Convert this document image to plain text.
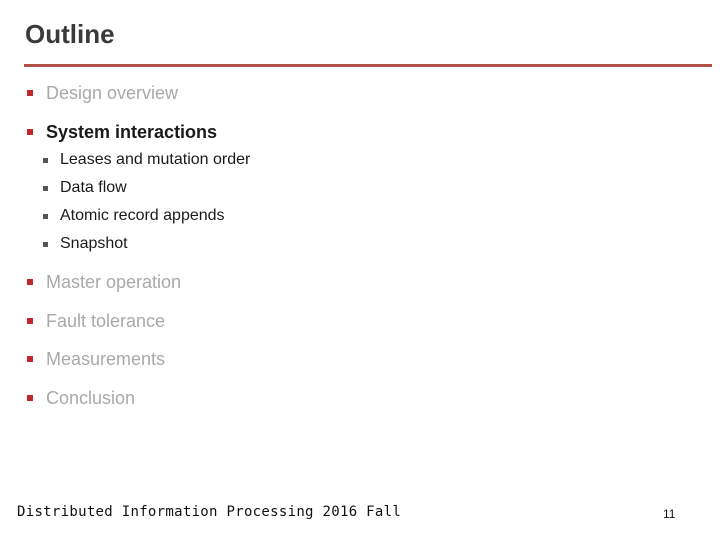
Outline
Design overview
System interactions
Leases and mutation order
Data flow
Atomic record appends
Snapshot
Master operation
Fault tolerance
Measurements
Conclusion
Distributed Information Processing 2016 Fall	11
